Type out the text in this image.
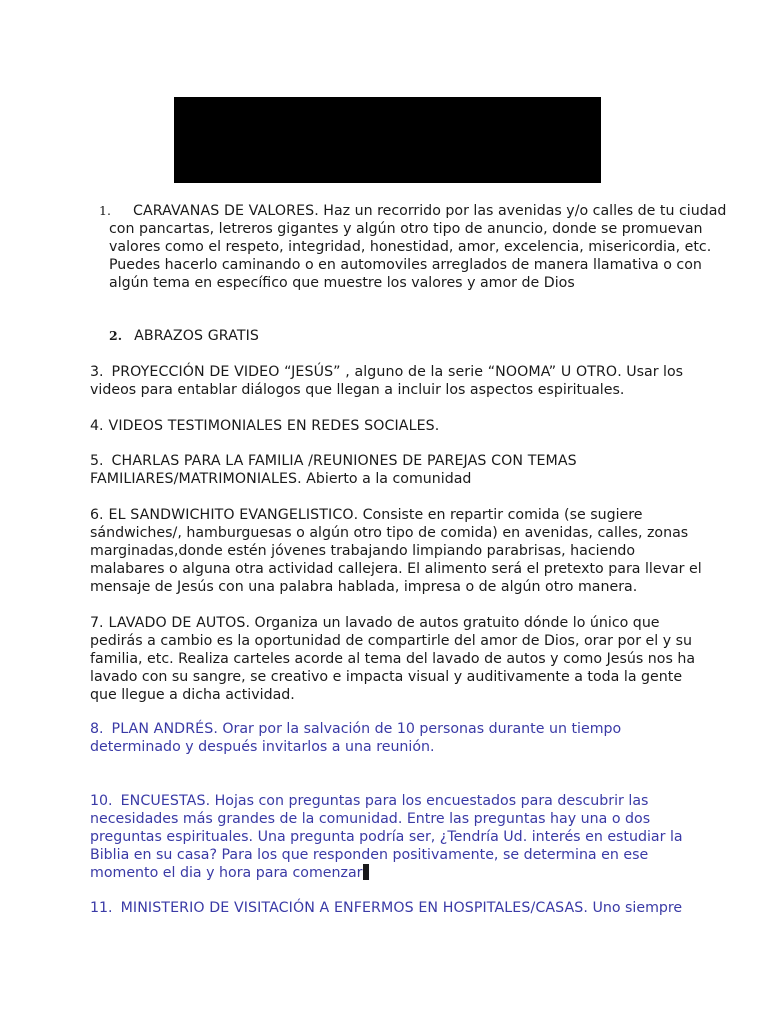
1. CARAVANAS DE VALORES. Haz un recorrido por las avenidas y/o calles de tu ciudad con pancartas, letreros gigantes y algún otro tipo de anuncio, donde se promuevan valores como el respeto, integridad, honestidad, amor, excelencia, misericordia, etc. Puedes hacerlo caminando o en automoviles arreglados de manera llamativa o con algún tema en específico que muestre los valores y amor de Dios

2. ABRAZOS GRATIS

3. PROYECCIÓN DE VIDEO “JESÚS” , alguno de la serie “NOOMA” U OTRO. Usar los videos para entablar diálogos que llegan a incluir los aspectos espirituales.

4. VIDEOS TESTIMONIALES EN REDES SOCIALES.

5. CHARLAS PARA LA FAMILIA /REUNIONES DE PAREJAS CON TEMAS FAMILIARES/MATRIMONIALES. Abierto a la comunidad

6. EL SANDWICHITO EVANGELISTICO. Consiste en repartir comida (se sugiere sándwiches/, hamburguesas o algún otro tipo de comida) en avenidas, calles, zonas marginadas,donde estén jóvenes trabajando limpiando parabrisas, haciendo malabares o alguna otra actividad callejera. El alimento será el pretexto para llevar el mensaje de Jesús con una palabra hablada, impresa o de algún otro manera.

7. LAVADO DE AUTOS. Organiza un lavado de autos gratuito dónde lo único que pedirás a cambio es la oportunidad de compartirle del amor de Dios, orar por el y su familia, etc. Realiza carteles acorde al tema del lavado de autos y como Jesús nos ha lavado con su sangre, se creativo e impacta visual y auditivamente a toda la gente que llegue a dicha actividad.

8. PLAN ANDRÉS. Orar por la salvación de 10 personas durante un tiempo determinado y después invitarlos a una reunión.

10. ENCUESTAS. Hojas con preguntas para los encuestados para descubrir las necesidades más grandes de la comunidad. Entre las preguntas hay una o dos preguntas espirituales. Una pregunta podría ser, ¿Tendría Ud. interés en estudiar la Biblia en su casa? Para los que responden positivamente, se determina en ese momento el dia y hora para comenzar

11. MINISTERIO DE VISITACIÓN A ENFERMOS EN HOSPITALES/CASAS. Uno siempre
